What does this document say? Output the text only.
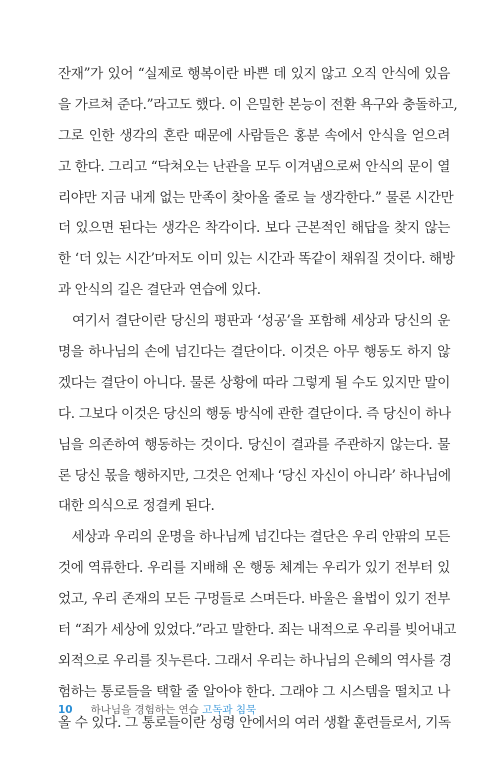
잔재”가 있어 “실제로 행복이란 바쁜 데 있지 않고 오직 안식에 있음
을 가르쳐 준다.”라고도 했다. 이 은밀한 본능이 전환 욕구와 충돌하고,
그로 인한 생각의 혼란 때문에 사람들은 홍분 속에서 안식을 얻으려
고 한다. 그리고 “닥쳐오는 난관을 모두 이겨냄으로써 안식의 문이 열
리야만 지금 내게 없는 만족이 찾아올 줄로 늘 생각한다.” 물론 시간만
더 있으면 된다는 생각은 착각이다. 보다 근본적인 해답을 찾지 않는
한 ‘더 있는 시간’마저도 이미 있는 시간과 똑같이 채워질 것이다. 해방
과 안식의 길은 결단과 연습에 있다.
　여기서 결단이란 당신의 평판과 ‘성공’을 포함해 세상과 당신의 운
명을 하나님의 손에 넘긴다는 결단이다. 이것은 아무 행동도 하지 않
겠다는 결단이 아니다. 물론 상황에 따라 그렇게 될 수도 있지만 말이
다. 그보다 이것은 당신의 행동 방식에 관한 결단이다. 즉 당신이 하나
님을 의존하여 행동하는 것이다. 당신이 결과를 주관하지 않는다. 물
론 당신 몫을 행하지만, 그것은 언제나 ‘당신 자신이 아니라’ 하나님에
대한 의식으로 정결케 된다.
　세상과 우리의 운명을 하나님께 넘긴다는 결단은 우리 안팎의 모든
것에 역류한다. 우리를 지배해 온 행동 체계는 우리가 있기 전부터 있
었고, 우리 존재의 모든 구멍들로 스며든다. 바울은 율법이 있기 전부
터 “죄가 세상에 있었다.”라고 말한다. 죄는 내적으로 우리를 빚어내고
외적으로 우리를 짓누른다. 그래서 우리는 하나님의 은혜의 역사를 경
험하는 통로들을 택할 줄 알아야 한다. 그래야 그 시스템을 떨치고 나
올 수 있다. 그 통로들이란 성령 안에서의 여러 생활 훈련들로서, 기독
10 하나님을 경험하는 연습 고독과 침묵
